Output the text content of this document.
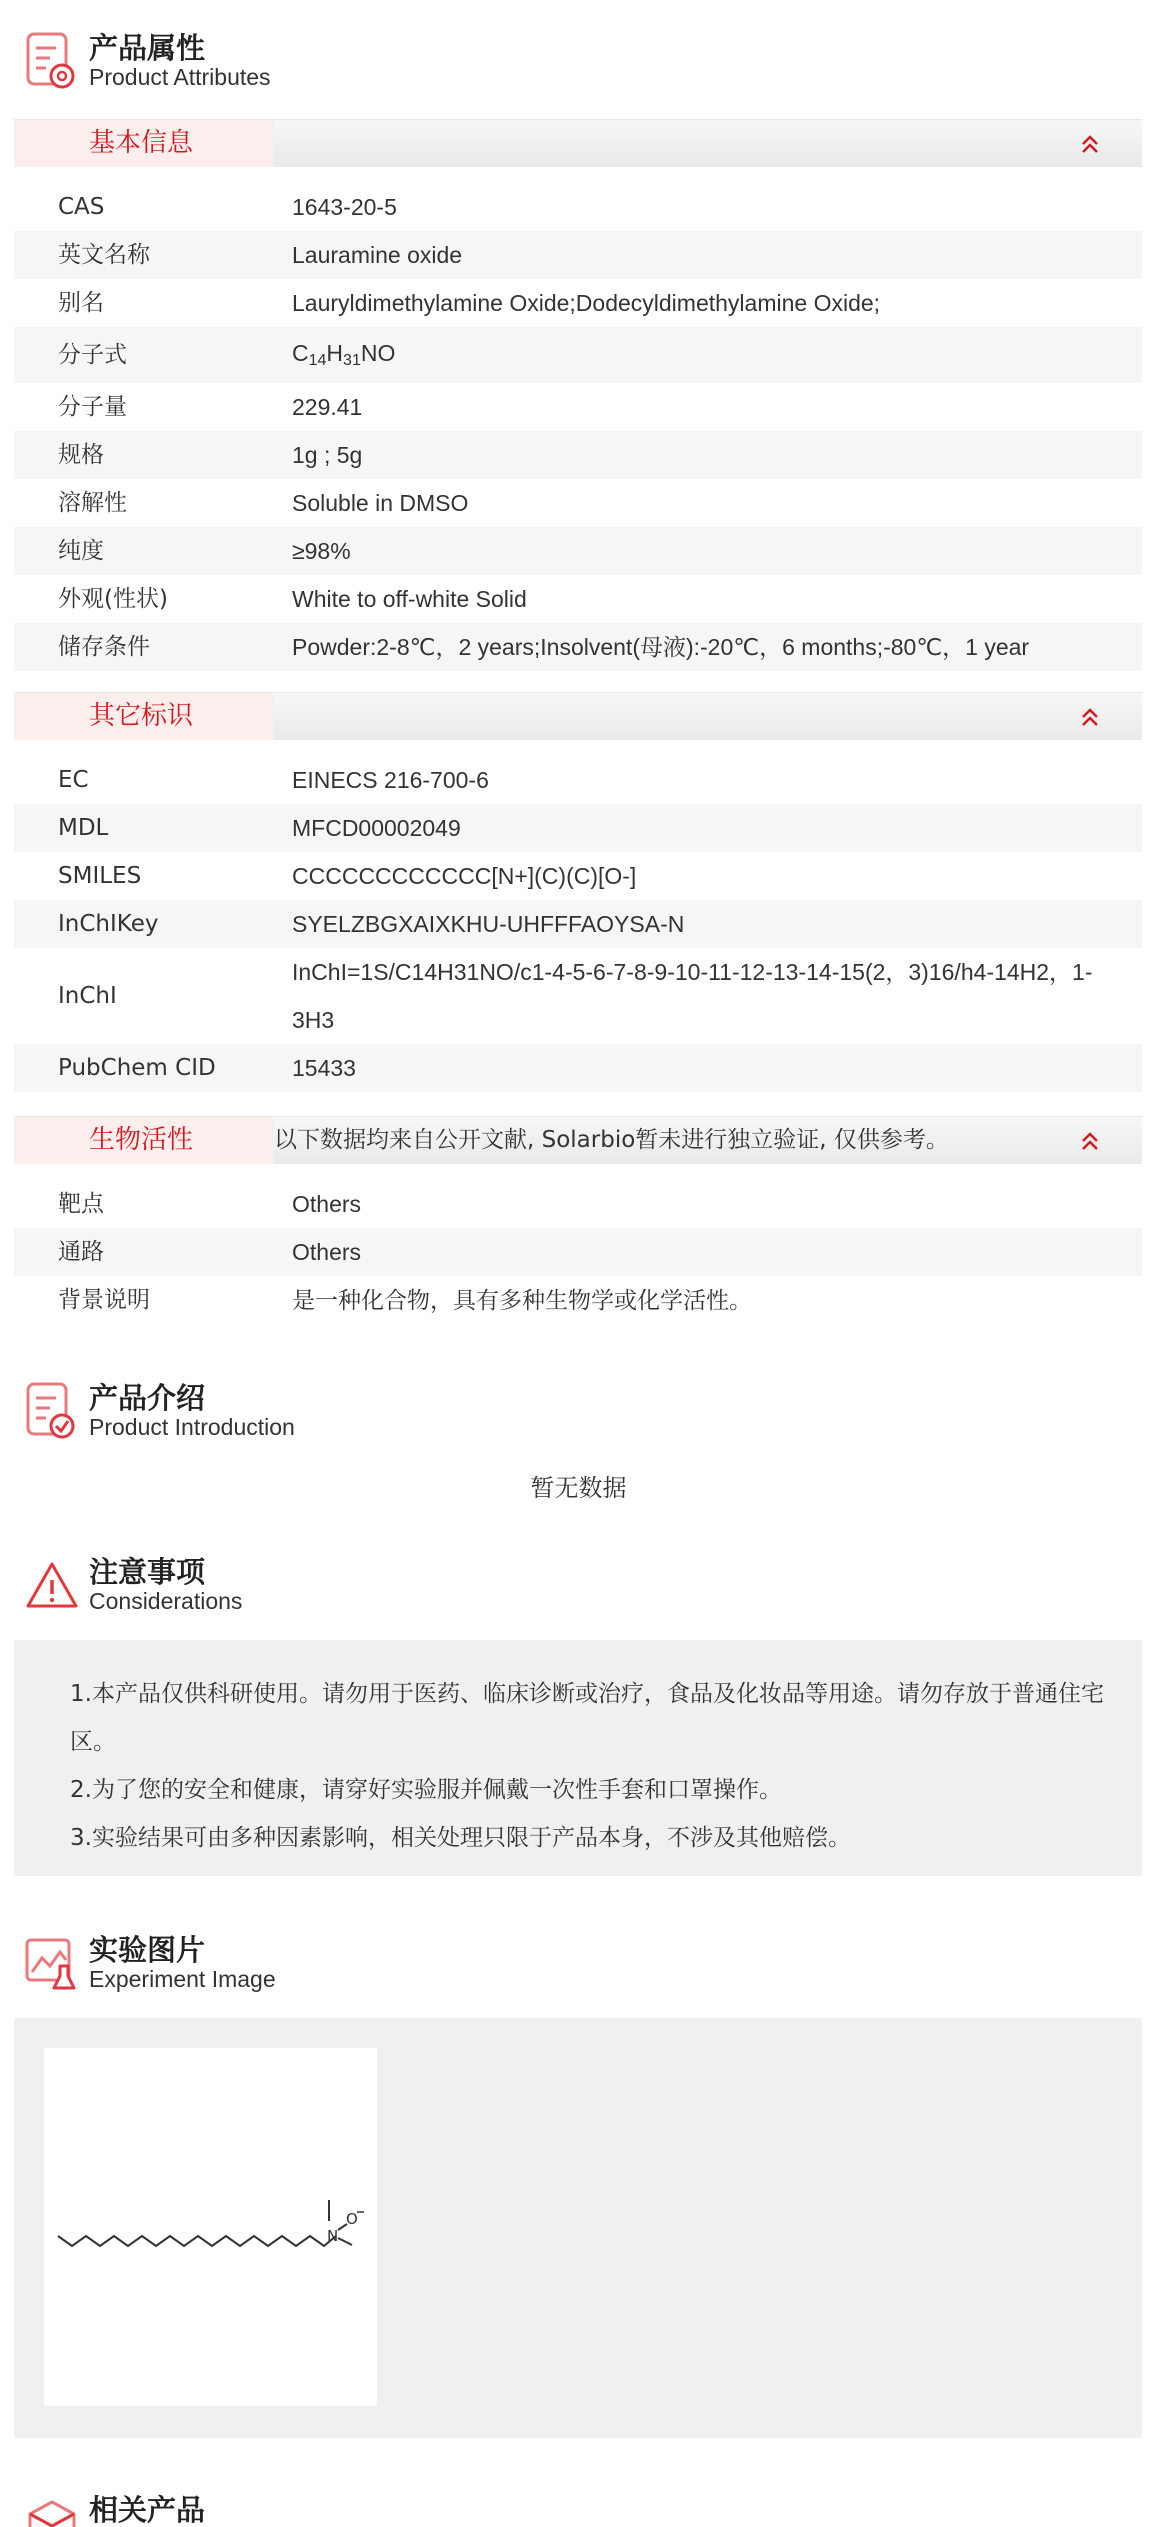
产品属性
Product Attributes
基本信息
CAS	1643-20-5
英文名称	Lauramine oxide
别名	Lauryldimethylamine Oxide;Dodecyldimethylamine Oxide;
分子式	$C_{14}H_{31}NO$
分子量	229.41
规格	1g ; 5g
溶解性	Soluble in DMSO
纯度	≥98%
外观(性状)	White to off-white Solid
储存条件	Powder:2-8℃，2 years;Insolvent(母液):-20℃，6 months;-80℃，1 year
其它标识
EC	EINECS 216-700-6
MDL	MFCD00002049
SMILES	CCCCCCCCCCCC[N+](C)(C)[O-]
InChIKey	SYELZBGXAIXKHU-UHFFFAOYSA-N
InChI
InChI=1S/C14H31NO/c1-4-5-6-7-8-9-10-11-12-13-14-15(2，3)16/h4-14H2，1-3H3
PubChem CID	15433
生物活性	以下数据均来自公开文献, Solarbio暂未进行独立验证, 仅供参考。
靶点	Others
通路	Others
背景说明	是一种化合物，具有多种生物学或化学活性。
产品介绍
Product Introduction
暂无数据
注意事项
Considerations

1.本产品仅供科研使用。请勿用于医药、临床诊断或治疗，食品及化妆品等用途。请勿存放于普通住宅区。

2.为了您的安全和健康，请穿好实验服并佩戴一次性手套和口罩操作。

3.实验结果可由多种因素影响，相关处理只限于产品本身，不涉及其他赔偿。

实验图片
Experiment Image
N
O
相关产品
